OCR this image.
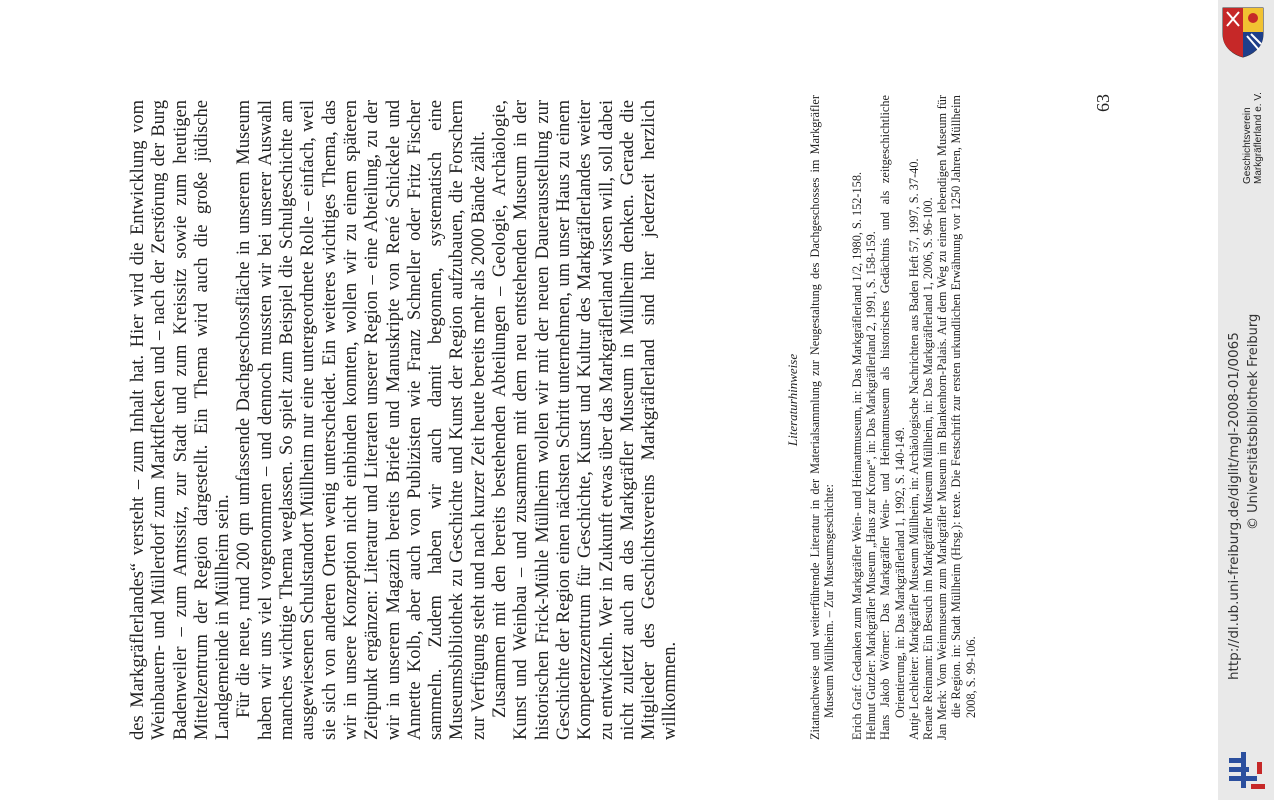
des Markgräflerlandes“ versteht – zum Inhalt hat. Hier wird die Entwicklung vom Weinbauern- und Müllerdorf zum Marktflecken und – nach der Zerstörung der Burg Badenweiler – zum Amtssitz, zur Stadt und zum Kreissitz sowie zum heutigen Mittelzentrum der Region dargestellt. Ein Thema wird auch die große jüdische Landgemeinde in Müllheim sein. Für die neue, rund 200 qm umfassende Dachgeschossfläche in unserem Museum haben wir uns viel vorgenommen – und dennoch mussten wir bei unserer Auswahl manches wichtige Thema weglassen. So spielt zum Beispiel die Schulgeschichte am ausgewiesenen Schulstandort Müllheim nur eine untergeordnete Rolle – einfach, weil sie sich von anderen Orten wenig unterscheidet. Ein weiteres wichtiges Thema, das wir in unsere Konzeption nicht einbinden konnten, wollen wir zu einem späteren Zeitpunkt ergänzen: Literatur und Literaten unserer Region – eine Abteilung, zu der wir in unserem Magazin bereits Briefe und Manuskripte von René Schickele und Annette Kolb, aber auch von Publizisten wie Franz Schneller oder Fritz Fischer sammeln. Zudem haben wir auch damit begonnen, systematisch eine Museumsbibliothek zu Geschichte und Kunst der Region aufzubauen, die Forschern zur Verfügung steht und nach kurzer Zeit heute bereits mehr als 2000 Bände zählt. Zusammen mit den bereits bestehenden Abteilungen – Geologie, Archäologie, Kunst und Weinbau – und zusammen mit dem neu entstehenden Museum in der historischen Frick-Mühle Müllheim wollen wir mit der neuen Dauerausstellung zur Geschichte der Region einen nächsten Schritt unternehmen, um unser Haus zu einem Kompetenzzentrum für Geschichte, Kunst und Kultur des Markgräflerlandes weiter zu entwickeln. Wer in Zukunft etwas über das Markgräflerland wissen will, soll dabei nicht zuletzt auch an das Markgräfler Museum in Müllheim denken. Gerade die Mitglieder des Geschichtsvereins Markgräflerland sind hier jederzeit herzlich willkommen.

Literaturhinweise Zitatnachweise und weiterführende Literatur in der Materialsammlung zur Neugestaltung des Dachgeschosses im Markgräfler Museum Müllheim. – Zur Museumsgeschichte: Erich Graf: Gedanken zum Markgräfler Wein- und Heimatmuseum, in: Das Markgräflerland 1/2, 1980, S. 152-158. Helmut Gutzler: Markgräfler Museum „Haus zur Krone“, in: Das Markgräflerland 2, 1991, S. 158-159. Hans Jakob Wörner: Das Markgräfler Wein- und Heimatmuseum als historisches Gedächtnis und als zeitgeschichtliche Orientierung, in: Das Markgräflerland 1, 1992, S. 140-149. Antje Lechleiter: Markgräfler Museum Müllheim, in: Archäologische Nachrichten aus Baden Heft 57, 1997, S. 37-40. Renate Reimann: Ein Besuch im Markgräfler Museum Müllheim, in: Das Markgräflerland 1, 2006, S. 96-100. Jan Merk: Vom Weinmuseum zum Markgräfler Museum im Blankenhorn-Palais. Auf dem Weg zu einem lebendigen Museum für die Region. in: Stadt Müllheim (Hrsg.): texte. Die Festschrift zur ersten urkundlichen Erwähnung vor 1250 Jahren, Müllheim 2008, S. 99-106.
63
Geschichtsverein Markgräflerland e. V.
http://dl.ub.uni-freiburg.de/diglit/mgl-2008-01/0065 © Universitätsbibliothek Freiburg
